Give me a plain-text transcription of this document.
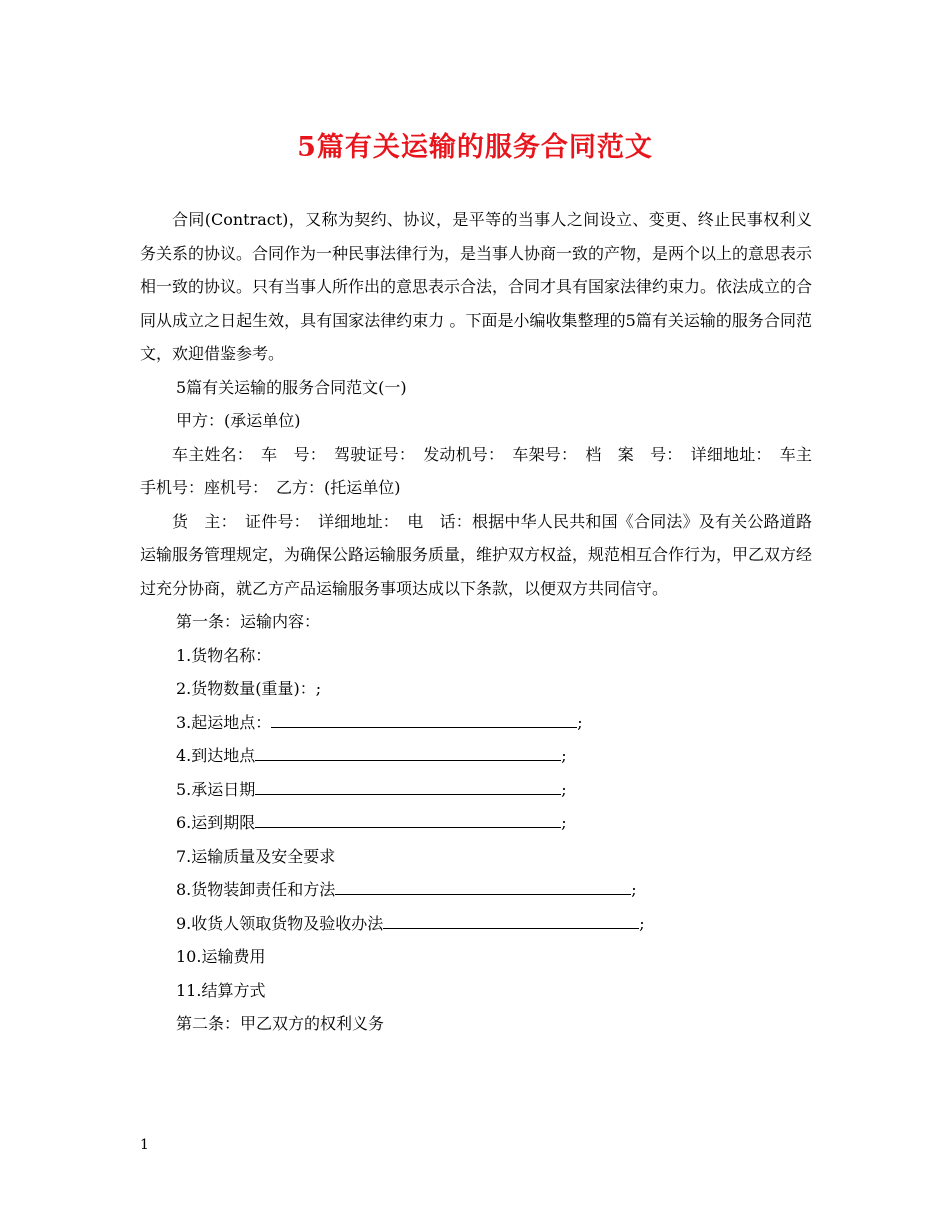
5篇有关运输的服务合同范文

合同(Contract)，又称为契约、协议，是平等的当事人之间设立、变更、终止民事权利义务关系的协议。合同作为一种民事法律行为，是当事人协商一致的产物，是两个以上的意思表示相一致的协议。只有当事人所作出的意思表示合法，合同才具有国家法律约束力。依法成立的合同从成立之日起生效，具有国家法律约束力 。下面是小编收集整理的5篇有关运输的服务合同范文，欢迎借鉴参考。

5篇有关运输的服务合同范文(一)

甲方：(承运单位)

车主姓名：　车　号：　驾驶证号：　发动机号：　车架号：　档　案　号：　详细地址：　车主手机号：座机号：　乙方：(托运单位)

货　主：　证件号：　详细地址：　电　话：根据中华人民共和国《合同法》及有关公路道路运输服务管理规定，为确保公路运输服务质量，维护双方权益，规范相互合作行为，甲乙双方经过充分协商，就乙方产品运输服务事项达成以下条款，以便双方共同信守。

第一条：运输内容：

1.货物名称：

2.货物数量(重量)：;

3.起运地点：	;

4.到达地点	;

5.承运日期	;

6.运到期限	;

7.运输质量及安全要求

8.货物装卸责任和方法	;

9.收货人领取货物及验收办法	;

10.运输费用

11.结算方式

第二条：甲乙双方的权利义务

1
